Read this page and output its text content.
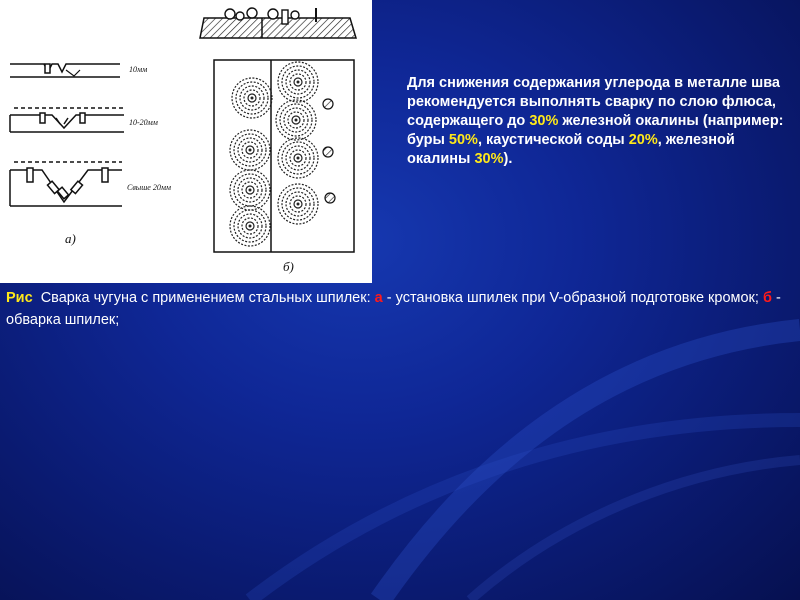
10мм
10-20мм
Свыше 20мм
а)
б)
Для снижения содержания углерода в металле шва рекомендуется выполнять сварку по слою флюса, содержащего до 30% железной окалины (например: буры 50%, каустической соды 20%, железной окалины 30%).
Рис  Сварка чугуна с применением стальных шпилек: а - установка шпилек при V-образной подготовке кромок; б - обварка шпилек;
